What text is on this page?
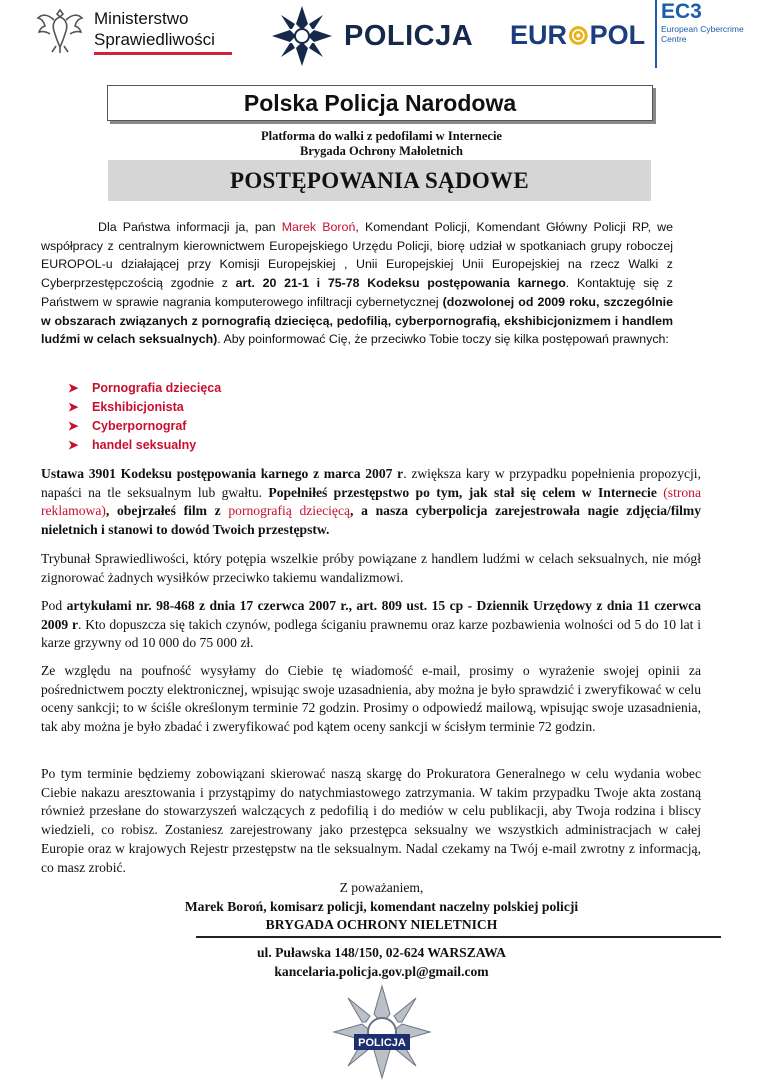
Ministerstwo
Sprawiedliwości	POLICJA EUR⊚POL
EC3
European Cybercrime Centre
Polska Policja Narodowa
Platforma do walki z pedofilami w Internecie
Brygada Ochrony Małoletnich
POSTĘPOWANIA SĄDOWE
Dla Państwa informacji ja, pan Marek Boroń, Komendant Policji, Komendant Główny Policji RP, we współpracy z centralnym kierownictwem Europejskiego Urzędu Policji, biorę udział w spotkaniach grupy roboczej EUROPOL-u działającej przy Komisji Europejskiej , Unii Europejskiej Unii Europejskiej na rzecz Walki z Cyberprzestępczością zgodnie z art. 20 21-1 i 75-78 Kodeksu postępowania karnego. Kontaktuję się z Państwem w sprawie nagrania komputerowego infiltracji cybernetycznej (dozwolonej od 2009 roku, szczególnie w obszarach związanych z pornografią dziecięcą, pedofilią, cyberpornografią, ekshibicjonizmem i handlem ludźmi w celach seksualnych). Aby poinformować Cię, że przeciwko Tobie toczy się kilka postępowań prawnych:
➤ Pornografia dziecięca
➤ Ekshibicjonista
➤ Cyberpornograf
➤ handel seksualny
Ustawa 3901 Kodeksu postępowania karnego z marca 2007 r. zwiększa kary w przypadku popełnienia propozycji, napaści na tle seksualnym lub gwałtu. Popełniłeś przestępstwo po tym, jak stał się celem w Internecie (strona reklamowa), obejrzałeś film z pornografią dziecięcą, a nasza cyberpolicja zarejestrowała nagie zdjęcia/filmy nieletnich i stanowi to dowód Twoich przestępstw.
Trybunał Sprawiedliwości, który potępia wszelkie próby powiązane z handlem ludźmi w celach seksualnych, nie mógł zignorować żadnych wysiłków przeciwko takiemu wandalizmowi.
Pod artykułami nr. 98-468 z dnia 17 czerwca 2007 r., art. 809 ust. 15 cp - Dziennik Urzędowy z dnia 11 czerwca 2009 r. Kto dopuszcza się takich czynów, podlega ściganiu prawnemu oraz karze pozbawienia wolności od 5 do 10 lat i karze grzywny od 10 000 do 75 000 zł.
Ze względu na poufność wysyłamy do Ciebie tę wiadomość e-mail, prosimy o wyrażenie swojej opinii za pośrednictwem poczty elektronicznej, wpisując swoje uzasadnienia, aby można je było sprawdzić i zweryfikować w celu oceny sankcji; to w ściśle określonym terminie 72 godzin. Prosimy o odpowiedź mailową, wpisując swoje uzasadnienia, tak aby można je było zbadać i zweryfikować pod kątem oceny sankcji w ścisłym terminie 72 godzin.
Po tym terminie będziemy zobowiązani skierować naszą skargę do Prokuratora Generalnego w celu wydania wobec Ciebie nakazu aresztowania i przystąpimy do natychmiastowego zatrzymania. W takim przypadku Twoje akta zostaną również przesłane do stowarzyszeń walczących z pedofilią i do mediów w celu publikacji, aby Twoja rodzina i bliscy wiedzieli, co robisz. Zostaniesz zarejestrowany jako przestępca seksualny we wszystkich administracjach w całej Europie oraz w krajowych Rejestr przestępstw na tle seksualnym. Nadal czekamy na Twój e-mail zwrotny z informacją, co masz zrobić.
Z poważaniem,
Marek Boroń, komisarz policji, komendant naczelny polskiej policji
BRYGADA OCHRONY NIELETNICH
ul. Puławska 148/150, 02-624 WARSZAWA
kancelaria.policja.gov.pl@gmail.com
POLICJA
